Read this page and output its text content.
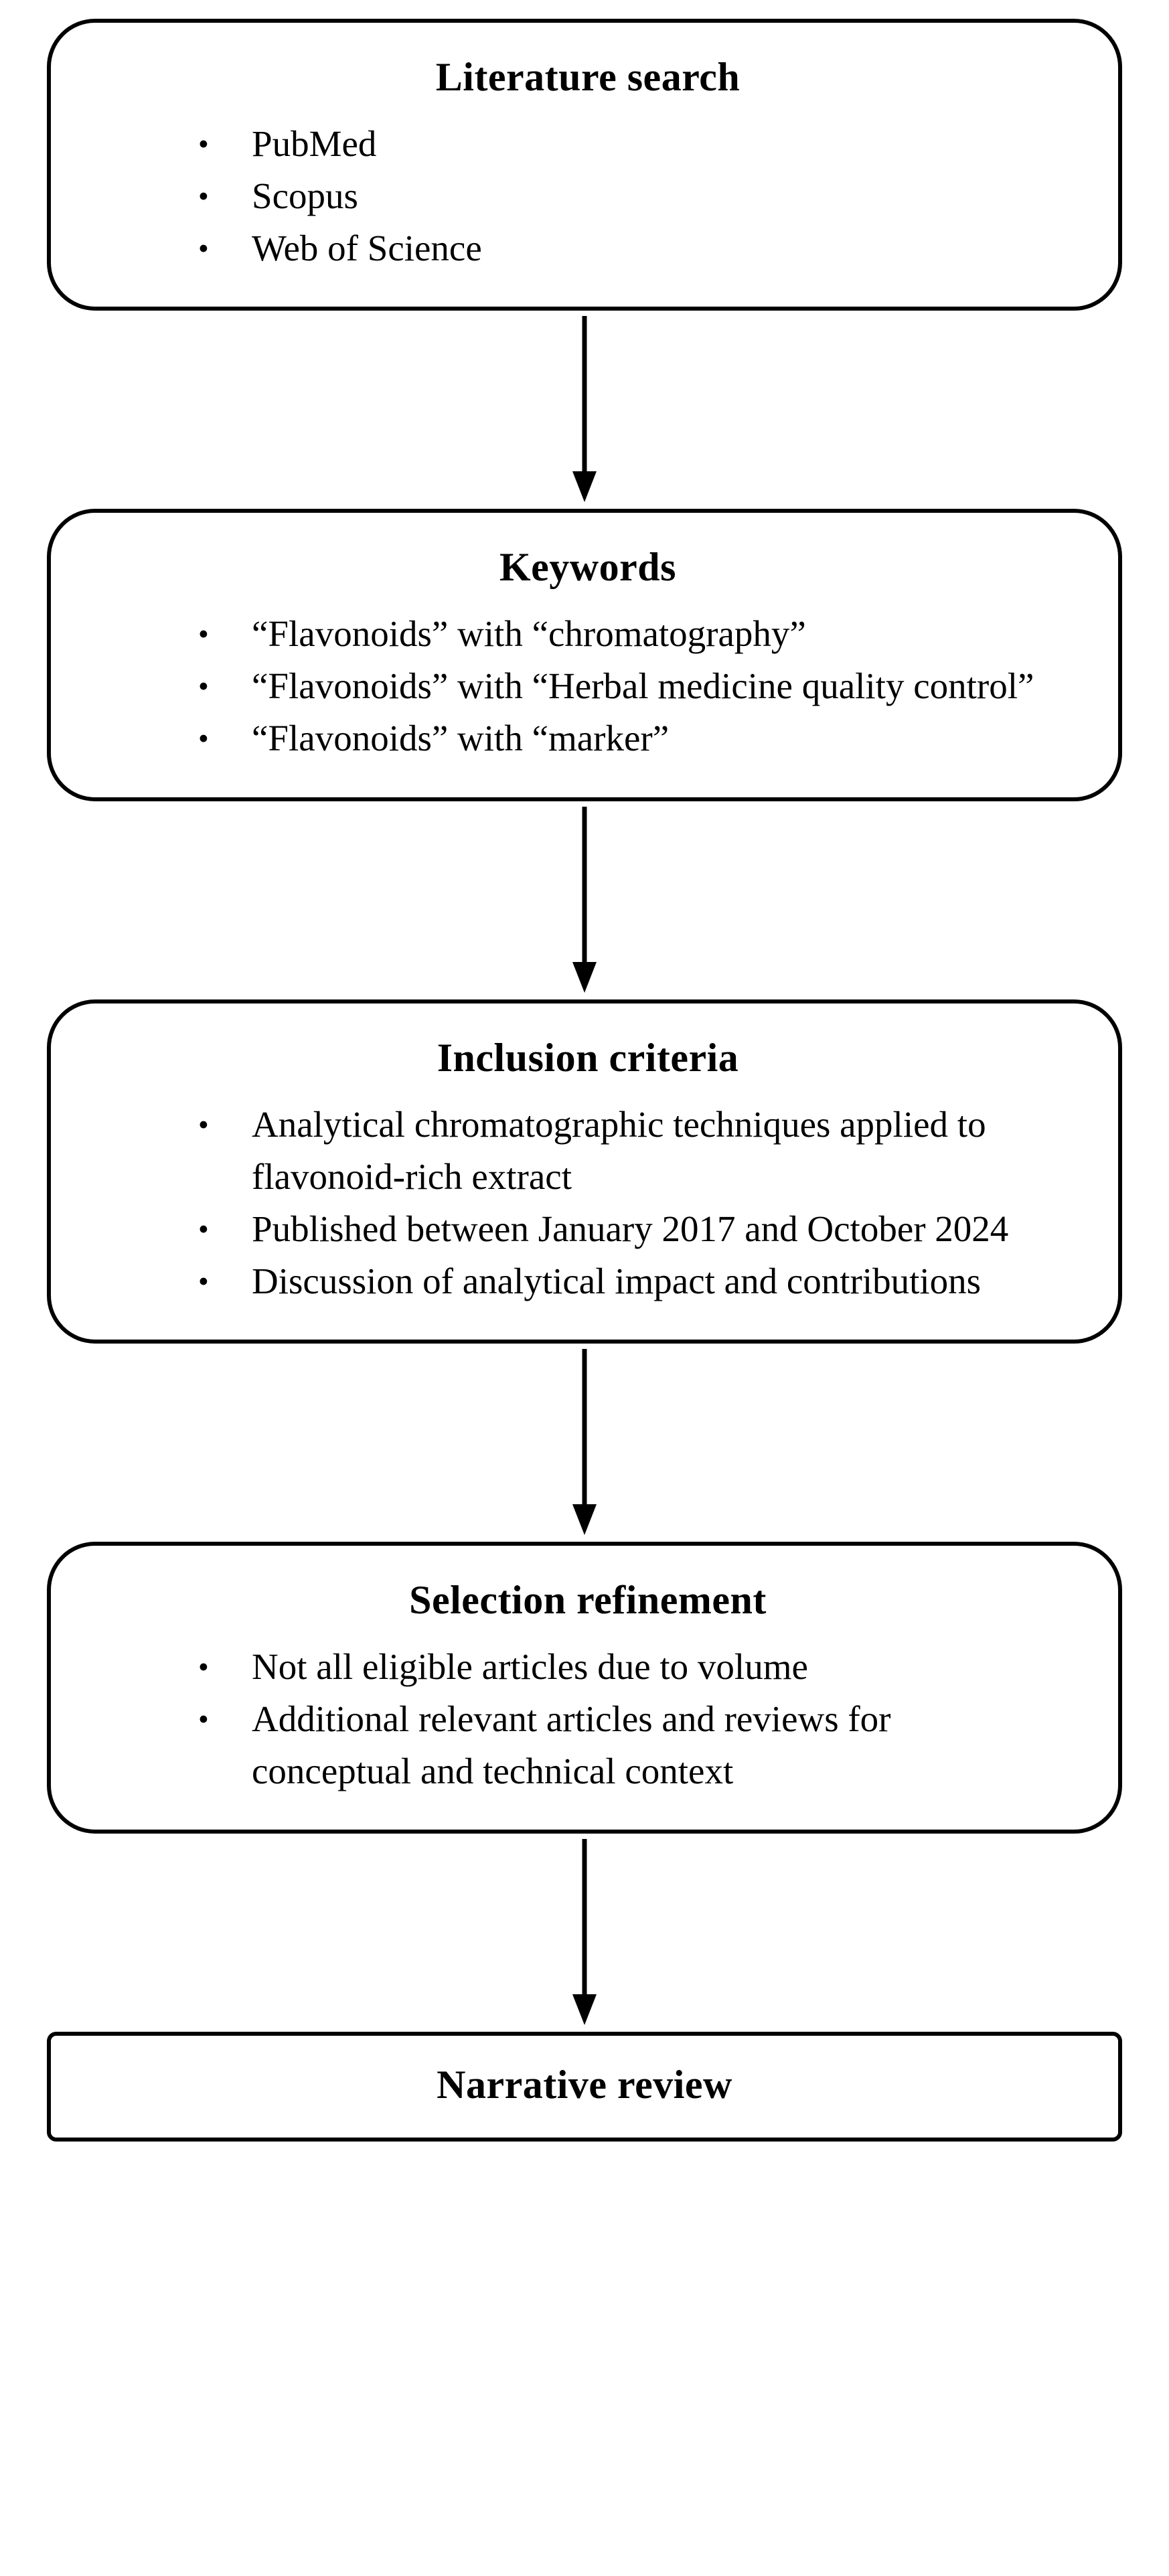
Literature search
• PubMed
• Scopus
• Web of Science
Keywords
• “Flavonoids” with “chromatography”
• “Flavonoids” with “Herbal medicine quality control”
• “Flavonoids” with “marker”
Inclusion criteria
• Analytical chromatographic techniques applied to flavonoid-rich extract
• Published between January 2017 and October 2024
• Discussion of analytical impact and contributions
Selection refinement
• Not all eligible articles due to volume
• Additional relevant articles and reviews for conceptual and technical context
Narrative review
